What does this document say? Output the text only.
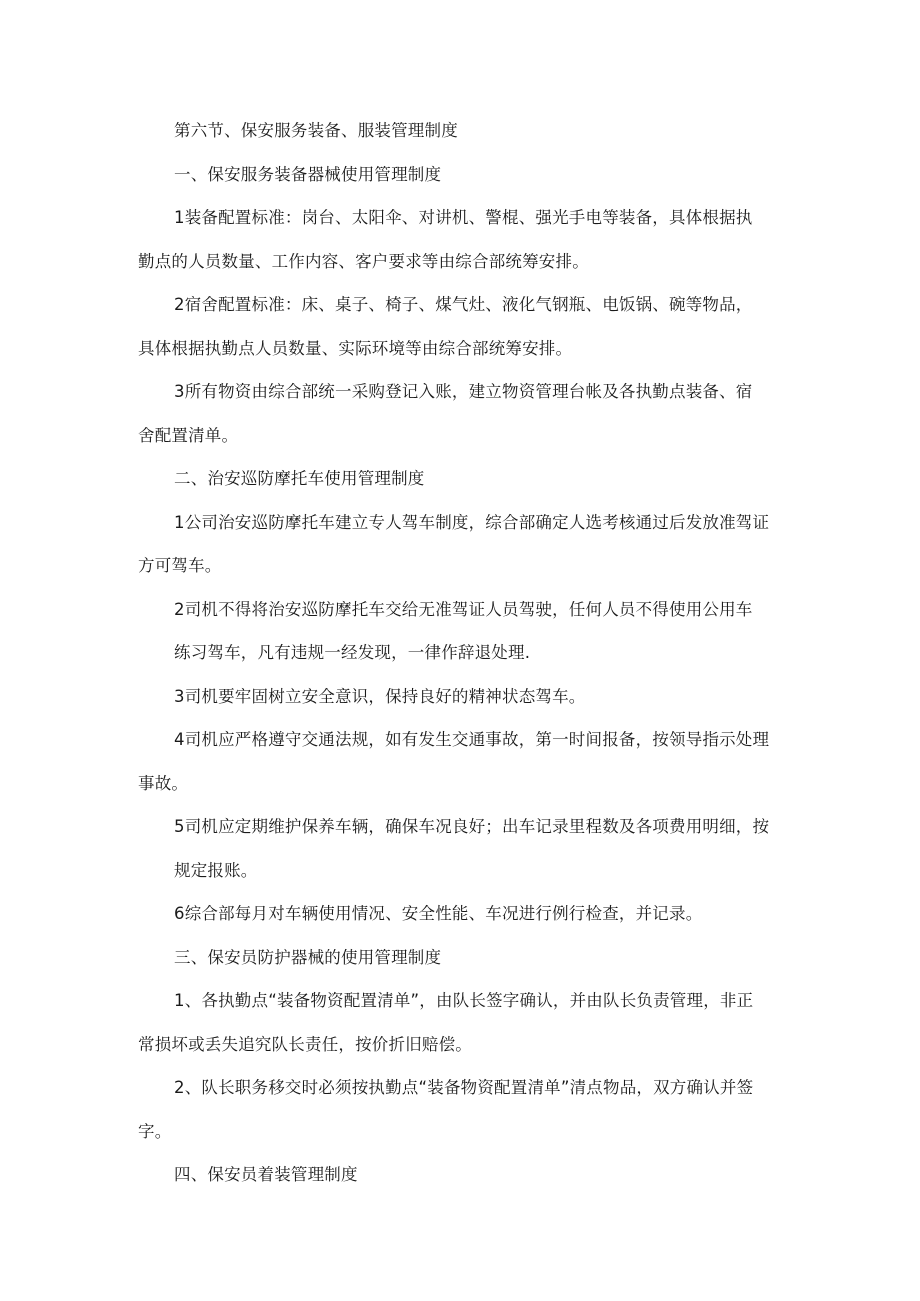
第六节、保安服务装备、服装管理制度
一、保安服务装备器械使用管理制度
1装备配置标准：岗台、太阳伞、对讲机、警棍、强光手电等装备，具体根据执
勤点的人员数量、工作内容、客户要求等由综合部统筹安排。
2宿舍配置标准：床、桌子、椅子、煤气灶、液化气钢瓶、电饭锅、碗等物品，
具体根据执勤点人员数量、实际环境等由综合部统筹安排。
3所有物资由综合部统一采购登记入账，建立物资管理台帐及各执勤点装备、宿
舍配置清单。
二、治安巡防摩托车使用管理制度
1公司治安巡防摩托车建立专人驾车制度，综合部确定人选考核通过后发放准驾证
方可驾车。
2司机不得将治安巡防摩托车交给无准驾证人员驾驶，任何人员不得使用公用车
练习驾车，凡有违规一经发现，一律作辞退处理.
3司机要牢固树立安全意识，保持良好的精神状态驾车。
4司机应严格遵守交通法规，如有发生交通事故，第一时间报备，按领导指示处理
事故。
5司机应定期维护保养车辆，确保车况良好；出车记录里程数及各项费用明细，按
规定报账。
6综合部每月对车辆使用情况、安全性能、车况进行例行检查，并记录。
三、保安员防护器械的使用管理制度
1、各执勤点“装备物资配置清单”，由队长签字确认，并由队长负责管理，非正
常损坏或丢失追究队长责任，按价折旧赔偿。
2、队长职务移交时必须按执勤点“装备物资配置清单”清点物品，双方确认并签
字。
四、保安员着装管理制度
